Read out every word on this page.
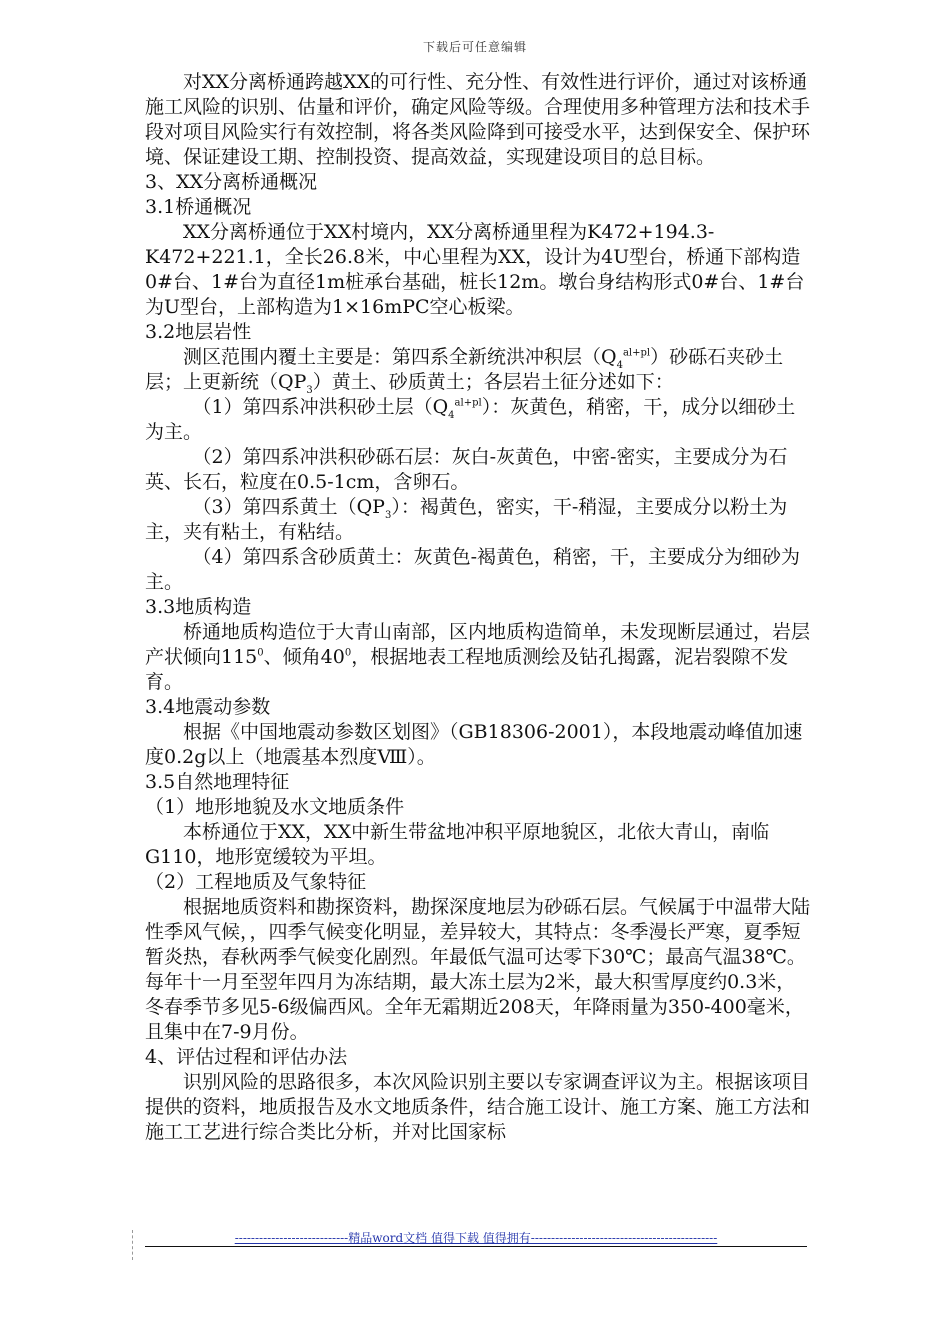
下载后可任意编辑

对XX分离桥通跨越XX的可行性、充分性、有效性进行评价，通过对该桥通施工风险的识别、估量和评价，确定风险等级。合理使用多种管理方法和技术手段对项目风险实行有效控制，将各类风险降到可接受水平，达到保安全、保护环境、保证建设工期、控制投资、提高效益，实现建设项目的总目标。

3、XX分离桥通概况

3.1桥通概况

XX分离桥通位于XX村境内，XX分离桥通里程为K472+194.3-K472+221.1，全长26.8米，中心里程为XX，设计为4U型台，桥通下部构造0#台、1#台为直径1m桩承台基础，桩长12m。墩台身结构形式0#台、1#台为U型台，上部构造为1×16mPC空心板梁。

3.2地层岩性

测区范围内覆土主要是：第四系全新统洪冲积层$(Q_4^{al+pl})$砂砾石夹砂土层；上更新统$(QP_3)$黄土、砂质黄土；各层岩土征分述如下：

（1）第四系冲洪积砂土层$(Q_4^{al+pl})$：灰黄色，稍密，干，成分以细砂土为主。

（2）第四系冲洪积砂砾石层：灰白-灰黄色，中密-密实，主要成分为石英、长石，粒度在0.5-1cm，含卵石。

（3）第四系黄土$(QP_3)$：褐黄色，密实，干-稍湿，主要成分以粉土为主，夹有粘土，有粘结。

（4）第四系含砂质黄土：灰黄色-褐黄色，稍密，干，主要成分为细砂为主。

3.3地质构造

桥通地质构造位于大青山南部，区内地质构造简单，未发现断层通过，岩层产状倾向$115^0$、倾角$40^0$，根据地表工程地质测绘及钻孔揭露，泥岩裂隙不发育。

3.4地震动参数

根据《中国地震动参数区划图》（GB18306-2001），本段地震动峰值加速度0.2g以上（地震基本烈度Ⅷ）。

3.5自然地理特征

（1）地形地貌及水文地质条件

本桥通位于XX，XX中新生带盆地冲积平原地貌区，北依大青山，南临G110，地形宽缓较为平坦。

（2）工程地质及气象特征

根据地质资料和勘探资料，勘探深度地层为砂砾石层。气候属于中温带大陆性季风气候，，四季气候变化明显，差异较大，其特点：冬季漫长严寒，夏季短暂炎热，春秋两季气候变化剧烈。年最低气温可达零下30℃；最高气温38℃。每年十一月至翌年四月为冻结期，最大冻土层为2米，最大积雪厚度约0.3米，冬春季节多见5-6级偏西风。全年无霜期近208天，年降雨量为350-400毫米，且集中在7-9月份。

4、评估过程和评估办法

识别风险的思路很多，本次风险识别主要以专家调查评议为主。根据该项目提供的资料，地质报告及水文地质条件，结合施工设计、施工方案、施工方法和施工工艺进行综合类比分析，并对比国家标

----------------------------精品word文档 值得下载 值得拥有----------------------------------------------
